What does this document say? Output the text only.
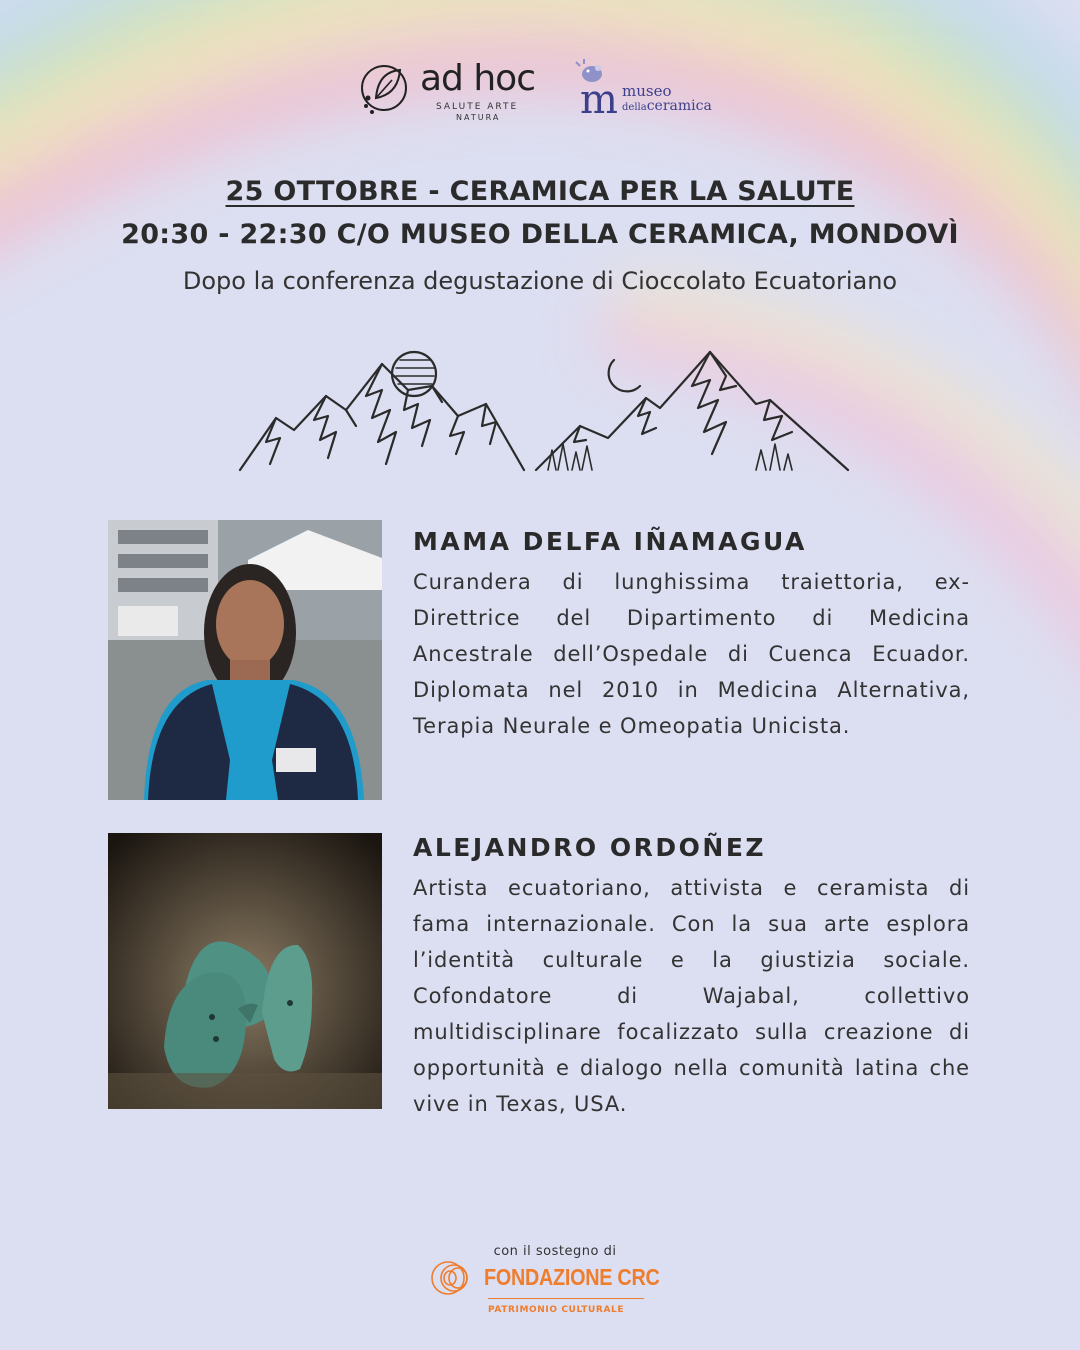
ad hoc
SALUTE ARTE
NATURA m museo
dellaceramica
25 OTTOBRE - CERAMICA PER LA SALUTE
20:30 - 22:30 C/O MUSEO DELLA CERAMICA, MONDOVÌ
Dopo la conferenza degustazione di Cioccolato Ecuatoriano
MAMA DELFA IÑAMAGUA
Curandera di lunghissima traiettoria, ex-Direttrice del Dipartimento di Medicina Ancestrale dell’Ospedale di Cuenca Ecuador. Diplomata nel 2010 in Medicina Alternativa, Terapia Neurale e Omeopatia Unicista.
ALEJANDRO ORDOÑEZ
Artista ecuatoriano, attivista e ceramista di fama internazionale. Con la sua arte esplora l’identità culturale e la giustizia sociale. Cofondatore di Wajabal, collettivo multidisciplinare focalizzato sulla creazione di opportunità e dialogo nella comunità latina che vive in Texas, USA.
con il sostegno di
FONDAZIONE CRC
PATRIMONIO CULTURALE
